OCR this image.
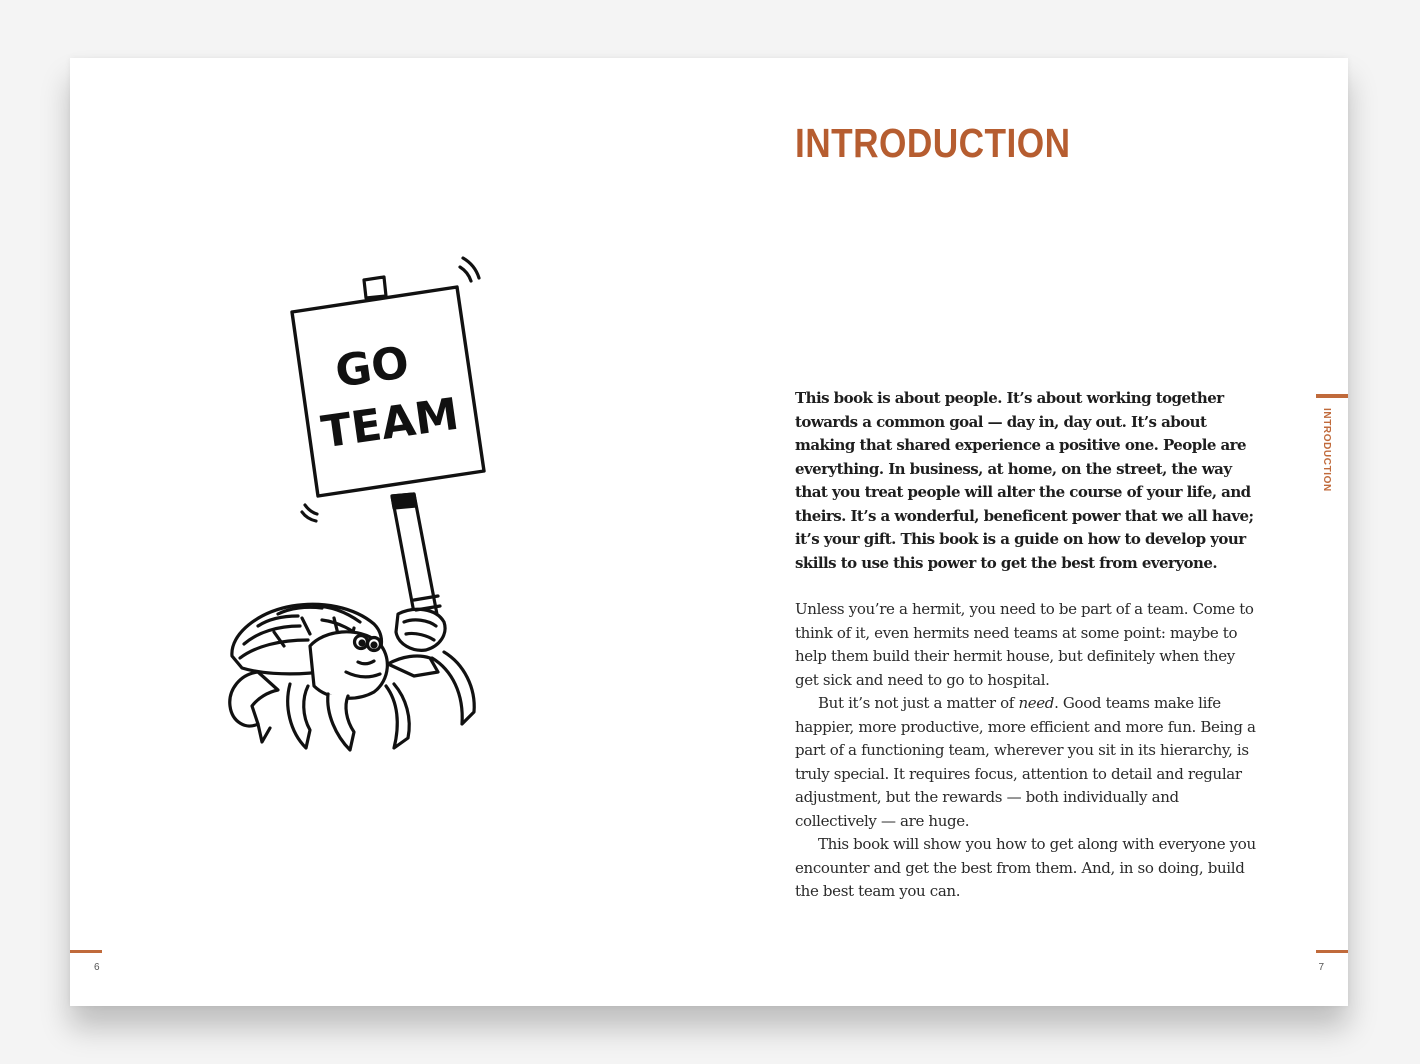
GO
TEAM
6
INTRODUCTION

This book is about people. It’s about working together towards a common goal — day in, day out. It’s about making that shared experience a positive one. People are everything. In business, at home, on the street, the way that you treat people will alter the course of your life, and theirs. It’s a wonderful, beneficent power that we all have; it’s your gift. This book is a guide on how to develop your skills to use this power to get the best from everyone.

Unless you’re a hermit, you need to be part of a team. Come to think of it, even hermits need teams at some point: maybe to help them build their hermit house, but definitely when they get sick and need to go to hospital.

But it’s not just a matter of need. Good teams make life happier, more productive, more efficient and more fun. Being a part of a functioning team, wherever you sit in its hierarchy, is truly special. It requires focus, attention to detail and regular adjustment, but the rewards — both individually and collectively — are huge.

This book will show you how to get along with everyone you encounter and get the best from them. And, in so doing, build the best team you can.

INTRODUCTION
7
